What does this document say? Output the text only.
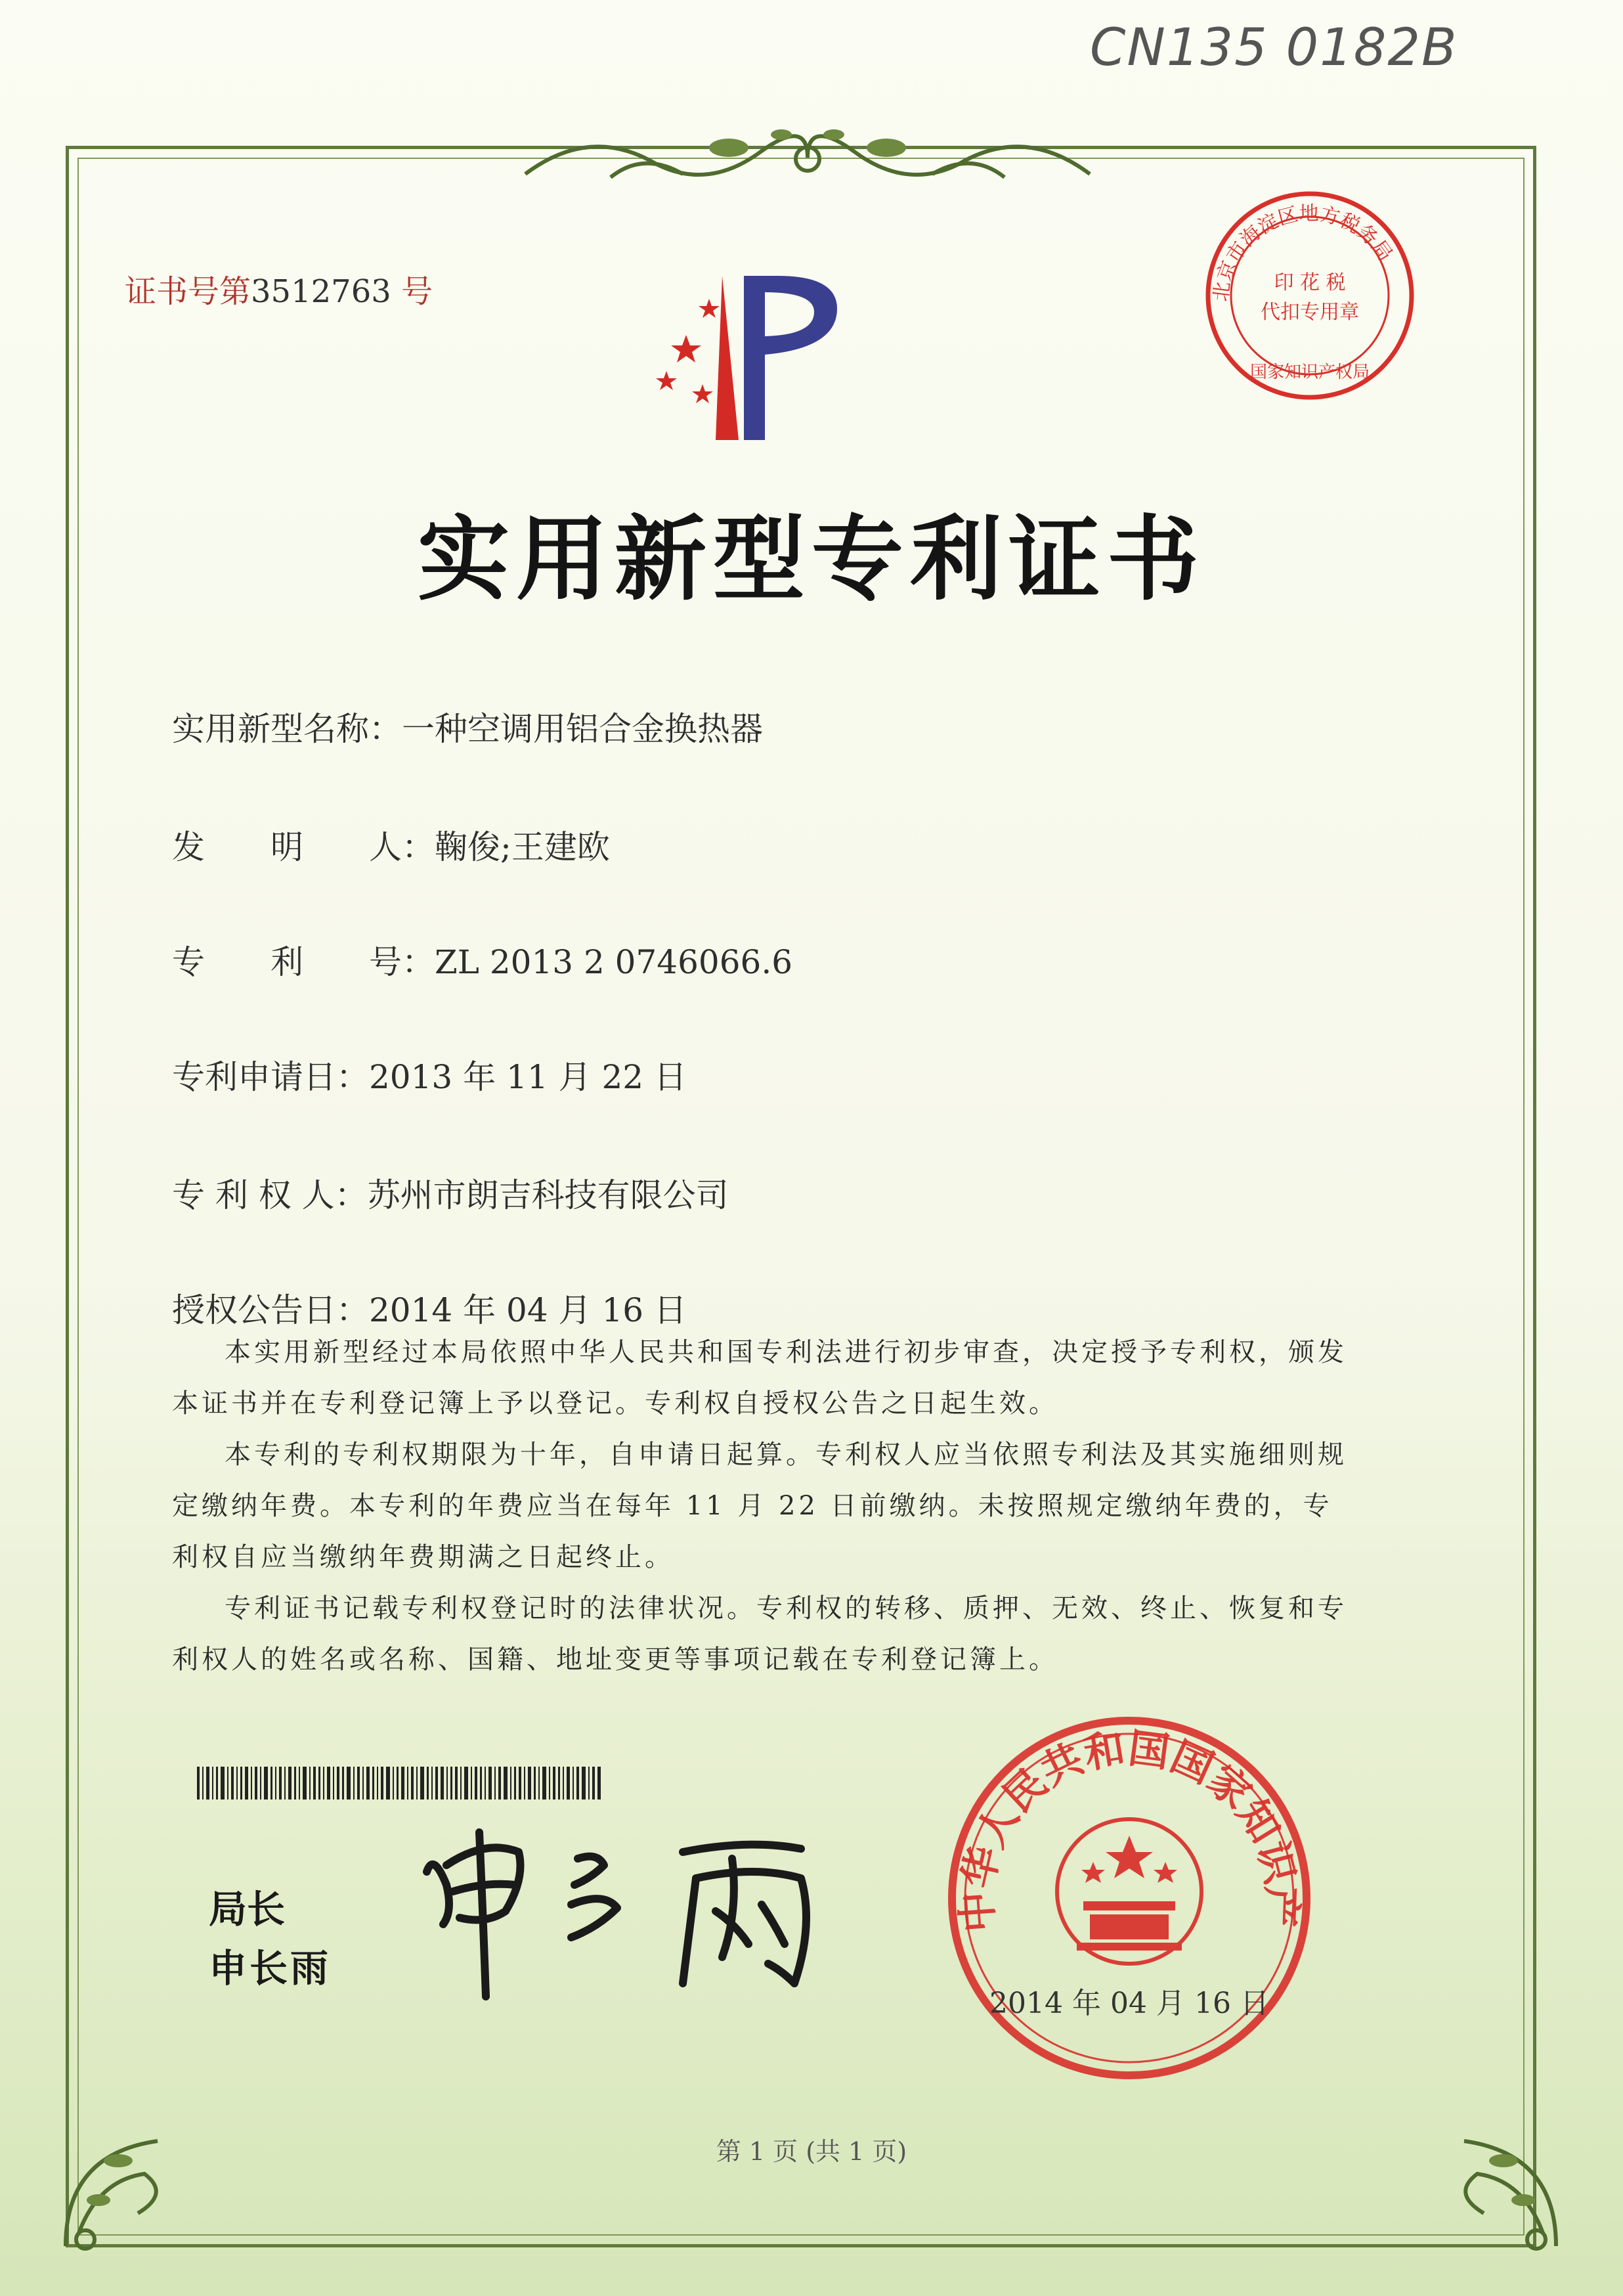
CN135 0182B
证书号第3512763 号	北京市海淀区地方税务局
印 花 税
代扣专用章
国家知识产权局
实用新型专利证书
实用新型名称：一种空调用铝合金换热器
发　　明　　人：鞠俊;王建欧
专　　利　　号：ZL 2013 2 0746066.6
专利申请日：2013 年 11 月 22 日
专 利 权 人：苏州市朗吉科技有限公司
授权公告日：2014 年 04 月 16 日

本实用新型经过本局依照中华人民共和国专利法进行初步审查，决定授予专利权，颁发本证书并在专利登记簿上予以登记。专利权自授权公告之日起生效。

本专利的专利权期限为十年，自申请日起算。专利权人应当依照专利法及其实施细则规定缴纳年费。本专利的年费应当在每年 11 月 22 日前缴纳。未按照规定缴纳年费的，专利权自应当缴纳年费期满之日起终止。

专利证书记载专利权登记时的法律状况。专利权的转移、质押、无效、终止、恢复和专利权人的姓名或名称、国籍、地址变更等事项记载在专利登记簿上。

局长
申长雨
中华人民共和国国家知识产
2014 年 04 月 16 日
第 1 页 (共 1 页)
